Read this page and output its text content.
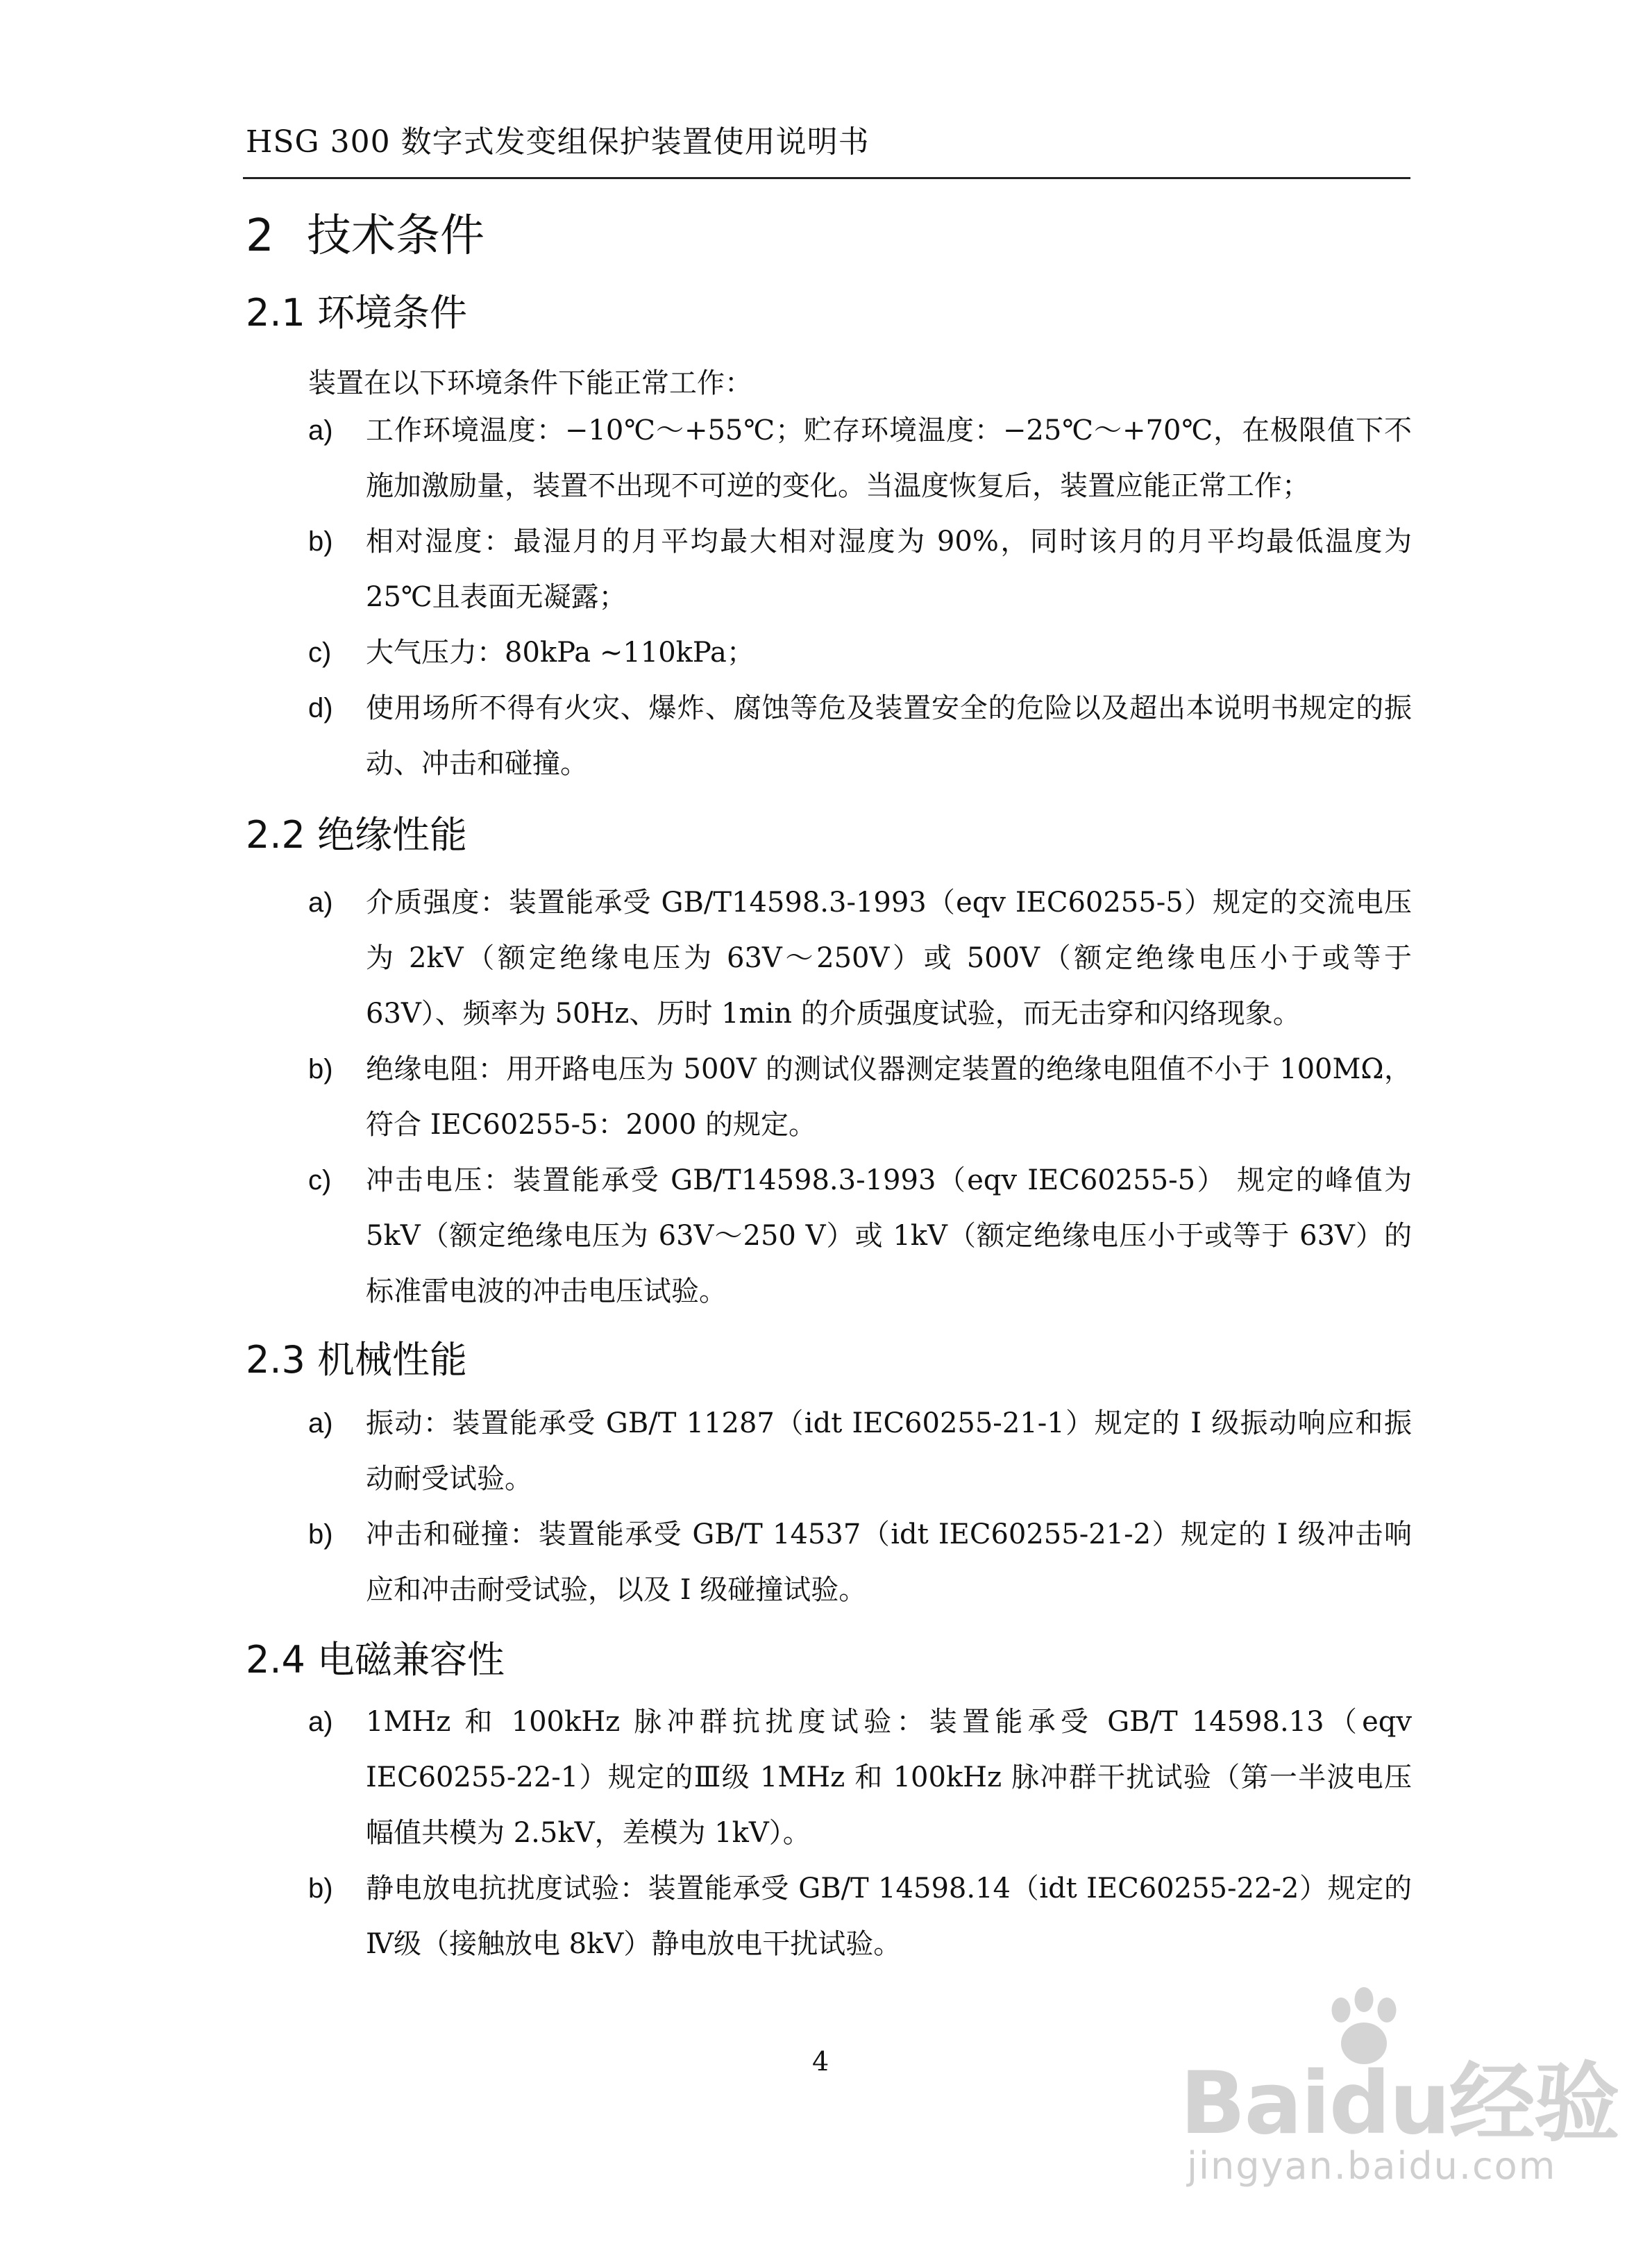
HSG 300 数字式发变组保护装置使用说明书
2 技术条件
2.1 环境条件
装置在以下环境条件下能正常工作：
a) 工作环境温度：−10℃～+55℃；贮存环境温度：−25℃～+70℃，在极限值下不施加激励量，装置不出现不可逆的变化。当温度恢复后，装置应能正常工作；
b) 相对湿度：最湿月的月平均最大相对湿度为 90%，同时该月的月平均最低温度为25℃且表面无凝露；
c) 大气压力：80kPa ~110kPa；
d) 使用场所不得有火灾、爆炸、腐蚀等危及装置安全的危险以及超出本说明书规定的振动、冲击和碰撞。
2.2 绝缘性能
a) 介质强度：装置能承受 GB/T14598.3-1993（eqv IEC60255-5）规定的交流电压为 2kV（额定绝缘电压为 63V～250V）或 500V（额定绝缘电压小于或等于 63V）、频率为 50Hz、历时 1min 的介质强度试验，而无击穿和闪络现象。
b) 绝缘电阻：用开路电压为 500V 的测试仪器测定装置的绝缘电阻值不小于 100MΩ，符合 IEC60255-5：2000 的规定。
c) 冲击电压：装置能承受 GB/T14598.3-1993（eqv IEC60255-5） 规定的峰值为5kV（额定绝缘电压为 63V～250 V）或 1kV（额定绝缘电压小于或等于 63V）的标准雷电波的冲击电压试验。
2.3 机械性能
a) 振动：装置能承受 GB/T 11287（idt IEC60255-21-1）规定的 I 级振动响应和振动耐受试验。
b) 冲击和碰撞：装置能承受 GB/T 14537（idt IEC60255-21-2）规定的 I 级冲击响应和冲击耐受试验，以及 I 级碰撞试验。
2.4 电磁兼容性
a) 1MHz 和 100kHz 脉冲群抗扰度试验：装置能承受 GB/T 14598.13（eqv IEC60255-22-1）规定的Ⅲ级 1MHz 和 100kHz 脉冲群干扰试验（第一半波电压幅值共模为 2.5kV，差模为 1kV）。
b) 静电放电抗扰度试验：装置能承受 GB/T 14598.14（idt IEC60255-22-2）规定的Ⅳ级（接触放电 8kV）静电放电干扰试验。
4	Baidu经验
jingyan.baidu.com
